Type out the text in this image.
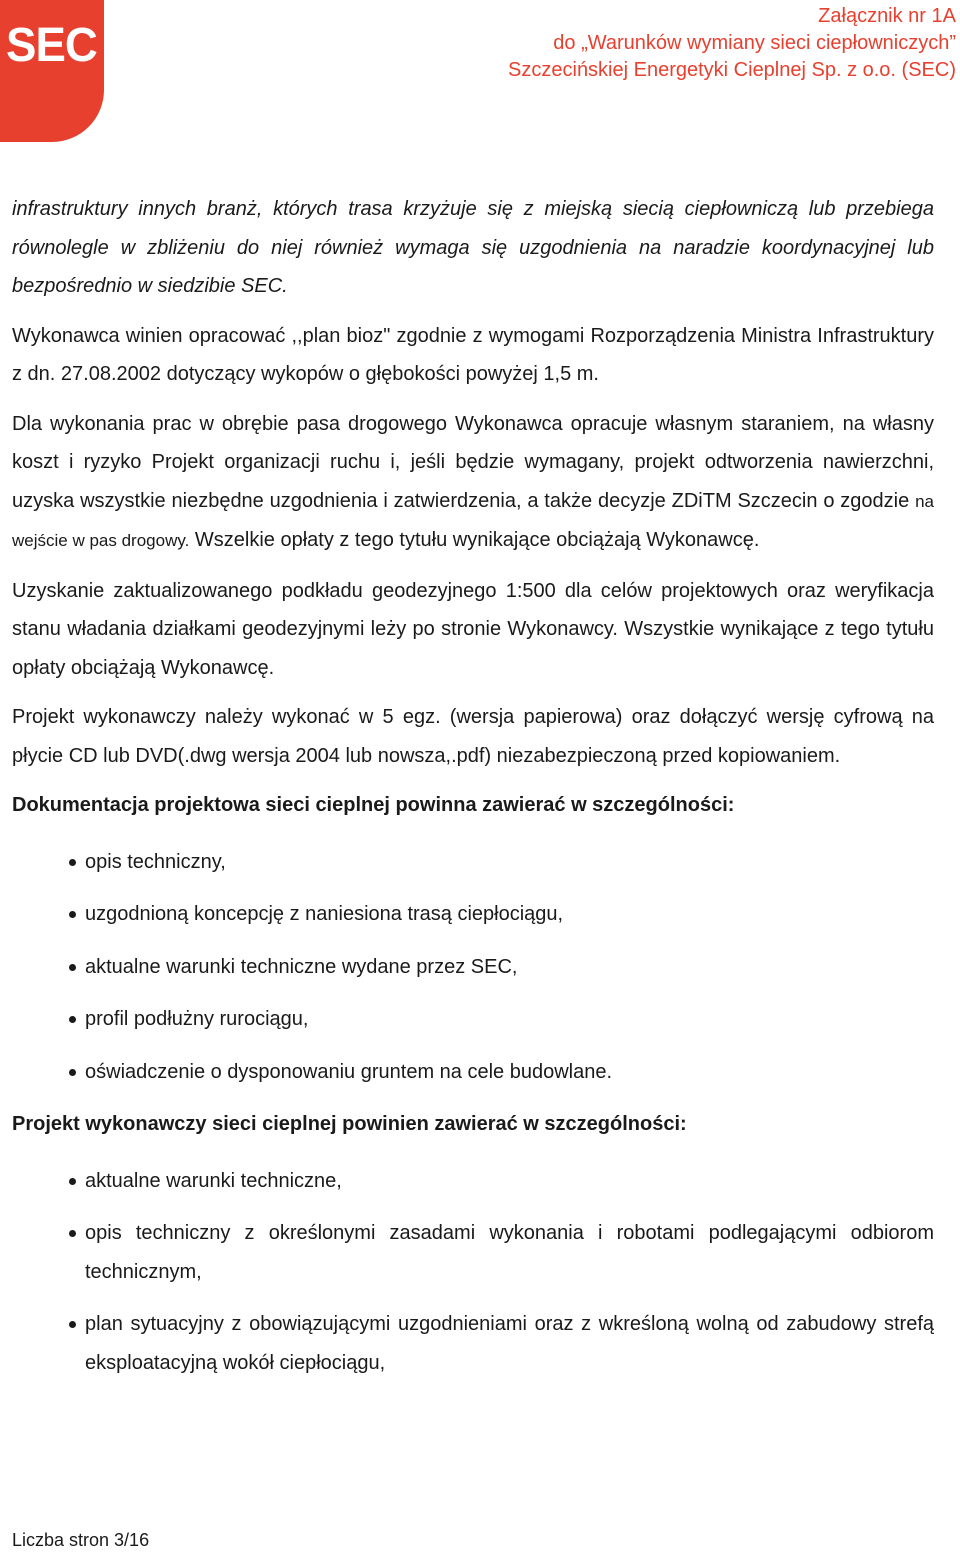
SEC
Załącznik nr 1A
do „Warunków wymiany sieci ciepłowniczych”
Szczecińskiej Energetyki Cieplnej Sp. z o.o. (SEC)

infrastruktury innych branż, których trasa krzyżuje się z miejską siecią ciepłowniczą lub przebiega równolegle w zbliżeniu do niej również wymaga się uzgodnienia na naradzie koordynacyjnej lub bezpośrednio w siedzibie SEC.

Wykonawca winien opracować ,,plan bioz" zgodnie z wymogami Rozporządzenia Ministra Infrastruktury z dn. 27.08.2002 dotyczący wykopów o głębokości powyżej 1,5 m.

Dla wykonania prac w obrębie pasa drogowego Wykonawca opracuje własnym staraniem, na własny koszt i ryzyko Projekt organizacji ruchu i, jeśli będzie wymagany, projekt odtworzenia nawierzchni, uzyska wszystkie niezbędne uzgodnienia i zatwierdzenia, a także decyzje ZDiTM Szczecin o zgodzie na wejście w pas drogowy. Wszelkie opłaty z tego tytułu wynikające obciążają Wykonawcę.

Uzyskanie zaktualizowanego podkładu geodezyjnego 1:500 dla celów projektowych oraz weryfikacja stanu władania działkami geodezyjnymi leży po stronie Wykonawcy. Wszystkie wynikające z tego tytułu opłaty obciążają Wykonawcę.

Projekt wykonawczy należy wykonać w 5 egz. (wersja papierowa) oraz dołączyć wersję cyfrową na płycie CD lub DVD(.dwg wersja 2004 lub nowsza,.pdf) niezabezpieczoną przed kopiowaniem.

Dokumentacja projektowa sieci cieplnej powinna zawierać w szczególności:

opis techniczny,
uzgodnioną koncepcję z naniesiona trasą ciepłociągu,
aktualne warunki techniczne wydane przez SEC,
profil podłużny rurociągu,
oświadczenie o dysponowaniu gruntem na cele budowlane.

Projekt wykonawczy sieci cieplnej powinien zawierać w szczególności:

aktualne warunki techniczne,
opis techniczny z określonymi zasadami wykonania i robotami podlegającymi odbiorom technicznym,
plan sytuacyjny z obowiązującymi uzgodnieniami oraz z wkreśloną wolną od zabudowy strefą eksploatacyjną wokół ciepłociągu,
Liczba stron 3/16
